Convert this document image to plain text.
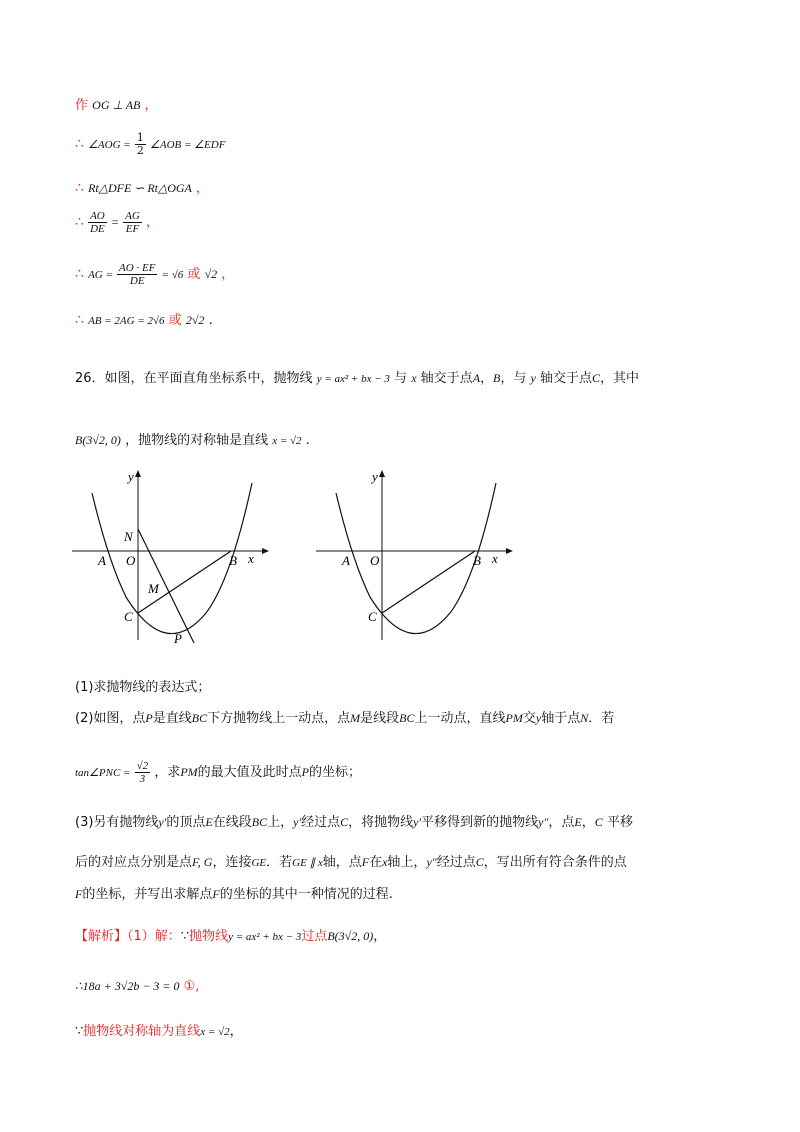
作 OG ⊥ AB ，
∴ ∠AOG = $\frac{1}{2}$ ∠AOB = ∠EDF
∴ Rt△DFE ∽ Rt△OGA ，
∴ $\frac{AO}{DE} = \frac{AG}{EF}$ ，
∴ AG = $\frac{AO \cdot EF}{DE} = √6$ 或 √2 ，
∴ AB = 2AG = 2√6 或 2√2 .
26．如图，在平面直角坐标系中，抛物线 y = ax² + bx − 3 与 x 轴交于点A，B，与 y 轴交于点C，其中
B(3√2, 0) ，抛物线的对称轴是直线 x = √2 .
y
x
N
A O	B
M
C
P
y
x
A O	B
C
(1)求抛物线的表达式；
(2)如图，点P是直线BC下方抛物线上一动点，点M是线段BC上一动点，直线PM交y轴于点N．若
tan∠PNC = $\frac{√2}{3}$ ，求PM的最大值及此时点P的坐标；
(3)另有抛物线y′的顶点E在线段BC上，y′经过点C，将抛物线y′平移得到新的抛物线y″，点E，C 平移
后的对应点分别是点F, G，连接GE．若GE ∥ x轴，点F在x轴上，y″经过点C，写出所有符合条件的点
F的坐标，并写出求解点F的坐标的其中一种情况的过程.
【解析】（1）解：∵抛物线y = ax² + bx − 3过点B(3√2, 0)，
∴18a + 3√2b − 3 = 0 ①,
∵抛物线对称轴为直线x = √2，
